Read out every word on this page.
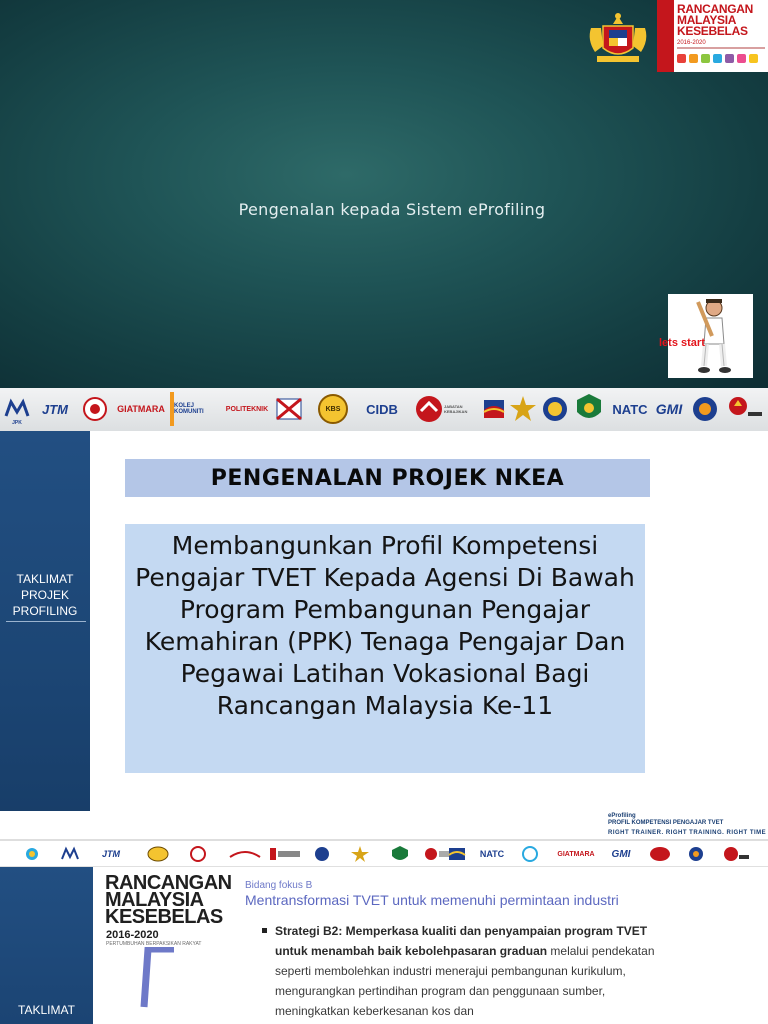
RANCANGAN
MALAYSIA
KESEBELAS
2016-2020
Pengenalan kepada Sistem eProfiling
lets start
JPK
JTM	GIATMARA	KOLEJ KOMUNITI	POLITEKNIK	KBS	CIDB	JABATAN KEBAJIKAN	NATC GMI
TAKLIMAT PROJEK PROFILING
PENGENALAN PROJEK NKEA
Membangunkan Profil Kompetensi Pengajar TVET Kepada Agensi Di Bawah Program Pembangunan Pengajar Kemahiran (PPK) Tenaga Pengajar Dan Pegawai Latihan Vokasional Bagi Rancangan Malaysia Ke-11
eProfiling
PROFIL KOMPETENSI PENGAJAR TVET
RIGHT TRAINER. RIGHT TRAINING. RIGHT TIME
JTM	NATC	GIATMARA	GMI
TAKLIMAT
RANCANGAN
MALAYSIA
KESEBELAS
2016-2020
PERTUMBUHAN BERPAKSIKAN RAKYAT
Bidang fokus B
Mentransformasi TVET untuk memenuhi permintaan industri
Strategi B2: Memperkasa kualiti dan penyampaian program TVET untuk menambah baik kebolehpasaran graduan melalui pendekatan seperti membolehkan industri menerajui pembangunan kurikulum, mengurangkan pertindihan program dan penggunaan sumber, meningkatkan keberkesanan kos dan
